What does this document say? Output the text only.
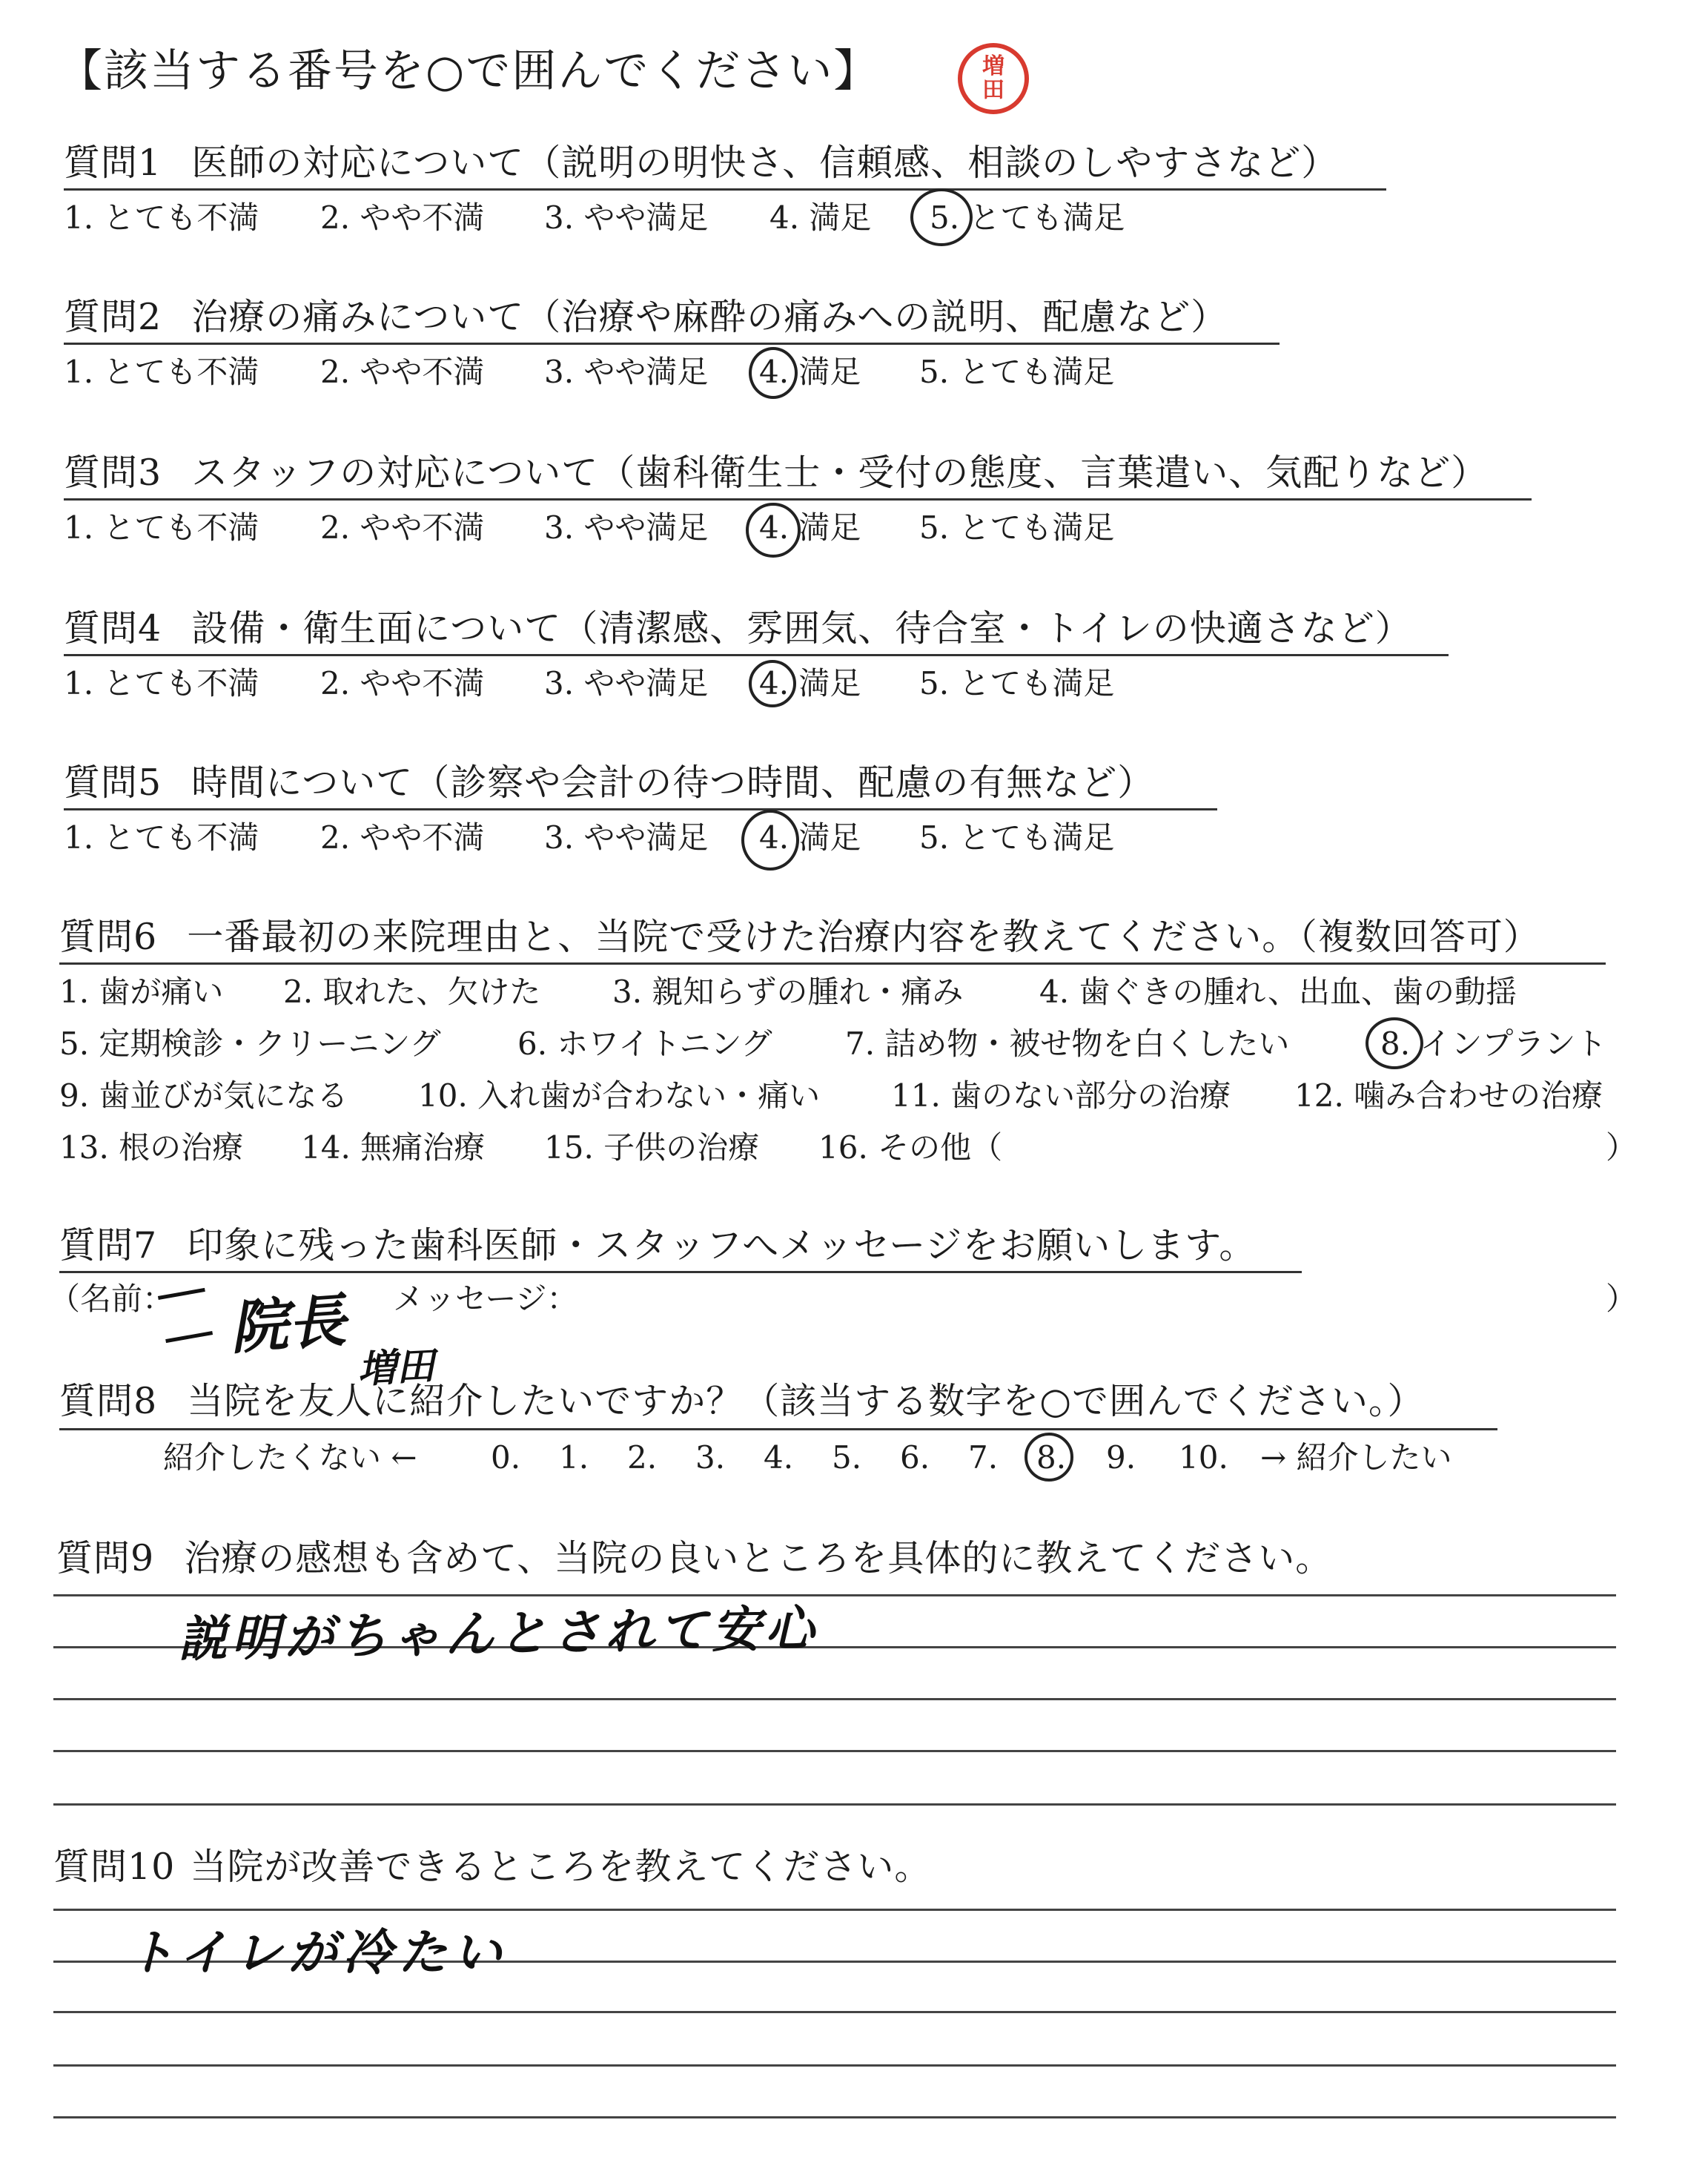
【該当する番号を○で囲んでください】	増
田
質問1 医師の対応について（説明の明快さ、信頼感、相談のしやすさなど）
1. とても不満 2. やや不満 3. やや満足 4. 満足 5. とても満足
質問2 治療の痛みについて（治療や麻酔の痛みへの説明、配慮など）
1. とても不満 2. やや不満 3. やや満足 4. 満足 5. とても満足
質問3 スタッフの対応について（歯科衛生士・受付の態度、言葉遣い、気配りなど）
1. とても不満 2. やや不満 3. やや満足 4. 満足 5. とても満足
質問4 設備・衛生面について（清潔感、雰囲気、待合室・トイレの快適さなど）
1. とても不満 2. やや不満 3. やや満足 4. 満足 5. とても満足
質問5 時間について（診察や会計の待つ時間、配慮の有無など）
1. とても不満 2. やや不満 3. やや満足 4. 満足 5. とても満足
質問6 一番最初の来院理由と、当院で受けた治療内容を教えてください。（複数回答可）
1. 歯が痛い 2. 取れた、欠けた 3. 親知らずの腫れ・痛み 4. 歯ぐきの腫れ、出血、歯の動揺
5. 定期検診・クリーニング 6. ホワイトニング 7. 詰め物・被せ物を白くしたい	8. インプラント
9. 歯並びが気になる 10. 入れ歯が合わない・痛い 11. 歯のない部分の治療 12. 噛み合わせの治療
13. 根の治療 14. 無痛治療 15. 子供の治療 16. その他（	）
質問7 印象に残った歯科医師・スタッフへメッセージをお願いします。
（名前：	メッセージ：	）
院長
増田
質問8 当院を友人に紹介したいですか？（該当する数字を○で囲んでください。）
紹介したくない ← 0. 1. 2. 3. 4. 5. 6. 7. 8. 9. 10. → 紹介したい
質問9 治療の感想も含めて、当院の良いところを具体的に教えてください。
説明がちゃんとされて安心
質問10 当院が改善できるところを教えてください。
トイレが冷たい
